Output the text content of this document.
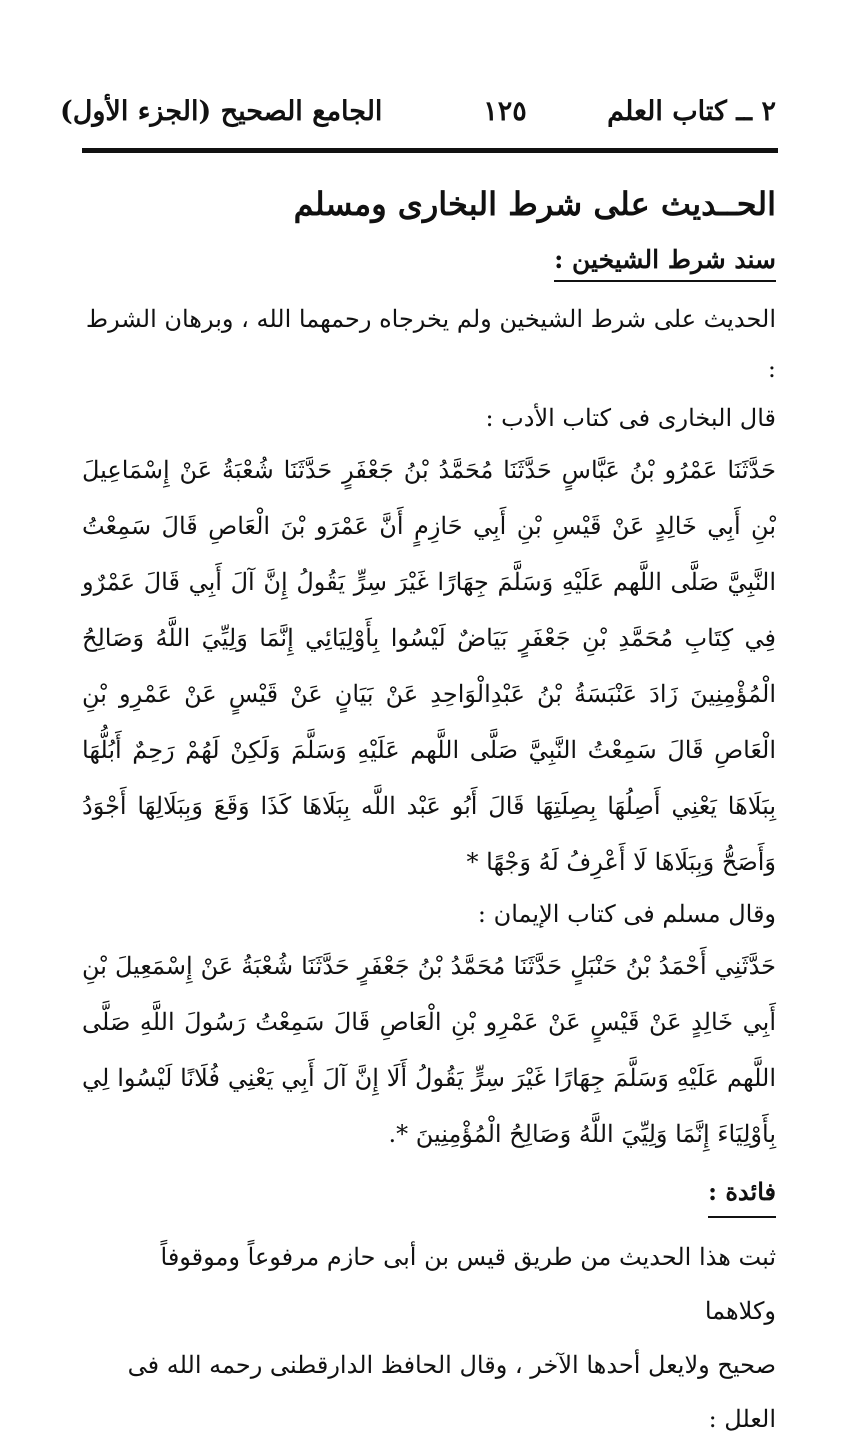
٢ ــ كتاب العلم
١٢٥
الجامع الصحيح (الجزء الأول)

الحــديث على شرط البخارى ومسلم

سند شرط الشيخين :

الحديث على شرط الشيخين ولم يخرجاه رحمهما الله ، وبرهان الشرط :

قال البخارى فى كتاب الأدب :

حَدَّثَنَا عَمْرُو بْنُ عَبَّاسٍ حَدَّثَنَا مُحَمَّدُ بْنُ جَعْفَرٍ حَدَّثَنَا شُعْبَةُ عَنْ إِسْمَاعِيلَ بْنِ أَبِي خَالِدٍ عَنْ قَيْسِ بْنِ أَبِي حَازِمٍ أَنَّ عَمْرَو بْنَ الْعَاصِ قَالَ سَمِعْتُ النَّبِيَّ صَلَّى اللَّهم عَلَيْهِ وَسَلَّمَ جِهَارًا غَيْرَ سِرٍّ يَقُولُ إِنَّ آلَ أَبِي قَالَ عَمْرٌو فِي كِتَابِ مُحَمَّدِ بْنِ جَعْفَرٍ بَيَاضٌ لَيْسُوا بِأَوْلِيَائِي إِنَّمَا وَلِيِّيَ اللَّهُ وَصَالِحُ الْمُؤْمِنِينَ زَادَ عَنْبَسَةُ بْنُ عَبْدِالْوَاحِدِ عَنْ بَيَانٍ عَنْ قَيْسٍ عَنْ عَمْرِو بْنِ الْعَاصِ قَالَ سَمِعْتُ النَّبِيَّ صَلَّى اللَّهم عَلَيْهِ وَسَلَّمَ وَلَكِنْ لَهُمْ رَحِمٌ أَبُلُّهَا بِبَلَاهَا يَعْنِي أَصِلُهَا بِصِلَتِهَا قَالَ أَبُو عَبْد اللَّه بِبَلَاهَا كَذَا وَقَعَ وَبِبَلَالِهَا أَجْوَدُ وَأَصَحُّ وَبِبَلَاهَا لَا أَعْرِفُ لَهُ وَجْهًا *

وقال مسلم فى كتاب الإيمان :

حَدَّثَنِي أَحْمَدُ بْنُ حَنْبَلٍ حَدَّثَنَا مُحَمَّدُ بْنُ جَعْفَرٍ حَدَّثَنَا شُعْبَةُ عَنْ إِسْمَعِيلَ بْنِ أَبِي خَالِدٍ عَنْ قَيْسٍ عَنْ عَمْرِو بْنِ الْعَاصِ قَالَ سَمِعْتُ رَسُولَ اللَّهِ صَلَّى اللَّهم عَلَيْهِ وَسَلَّمَ جِهَارًا غَيْرَ سِرٍّ يَقُولُ أَلَا إِنَّ آلَ أَبِي يَعْنِي فُلَانًا لَيْسُوا لِي بِأَوْلِيَاءَ إِنَّمَا وَلِيِّيَ اللَّهُ وَصَالِحُ الْمُؤْمِنِينَ *.

فائدة :

ثبت هذا الحديث من طريق قيس بن أبى حازم مرفوعاً وموقوفاً وكلاهما

صحيح ولايعل أحدها الآخر ، وقال الحافظ الدارقطنى رحمه الله فى العلل :
